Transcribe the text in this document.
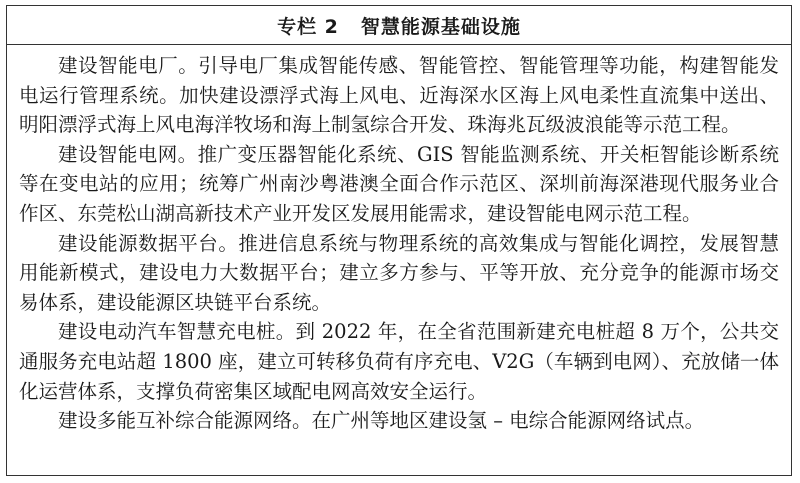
专栏 2 智慧能源基础设施

建设智能电厂。引导电厂集成智能传感、智能管控、智能管理等功能，构建智能发电运行管理系统。加快建设漂浮式海上风电、近海深水区海上风电柔性直流集中送出、明阳漂浮式海上风电海洋牧场和海上制氢综合开发、珠海兆瓦级波浪能等示范工程。

建设智能电网。推广变压器智能化系统、GIS 智能监测系统、开关柜智能诊断系统等在变电站的应用；统筹广州南沙粤港澳全面合作示范区、深圳前海深港现代服务业合作区、东莞松山湖高新技术产业开发区发展用能需求，建设智能电网示范工程。

建设能源数据平台。推进信息系统与物理系统的高效集成与智能化调控，发展智慧用能新模式，建设电力大数据平台；建立多方参与、平等开放、充分竞争的能源市场交易体系，建设能源区块链平台系统。

建设电动汽车智慧充电桩。到 2022 年，在全省范围新建充电桩超 8 万个，公共交通服务充电站超 1800 座，建立可转移负荷有序充电、V2G（车辆到电网）、充放储一体化运营体系，支撑负荷密集区域配电网高效安全运行。

建设多能互补综合能源网络。在广州等地区建设氢 – 电综合能源网络试点。
